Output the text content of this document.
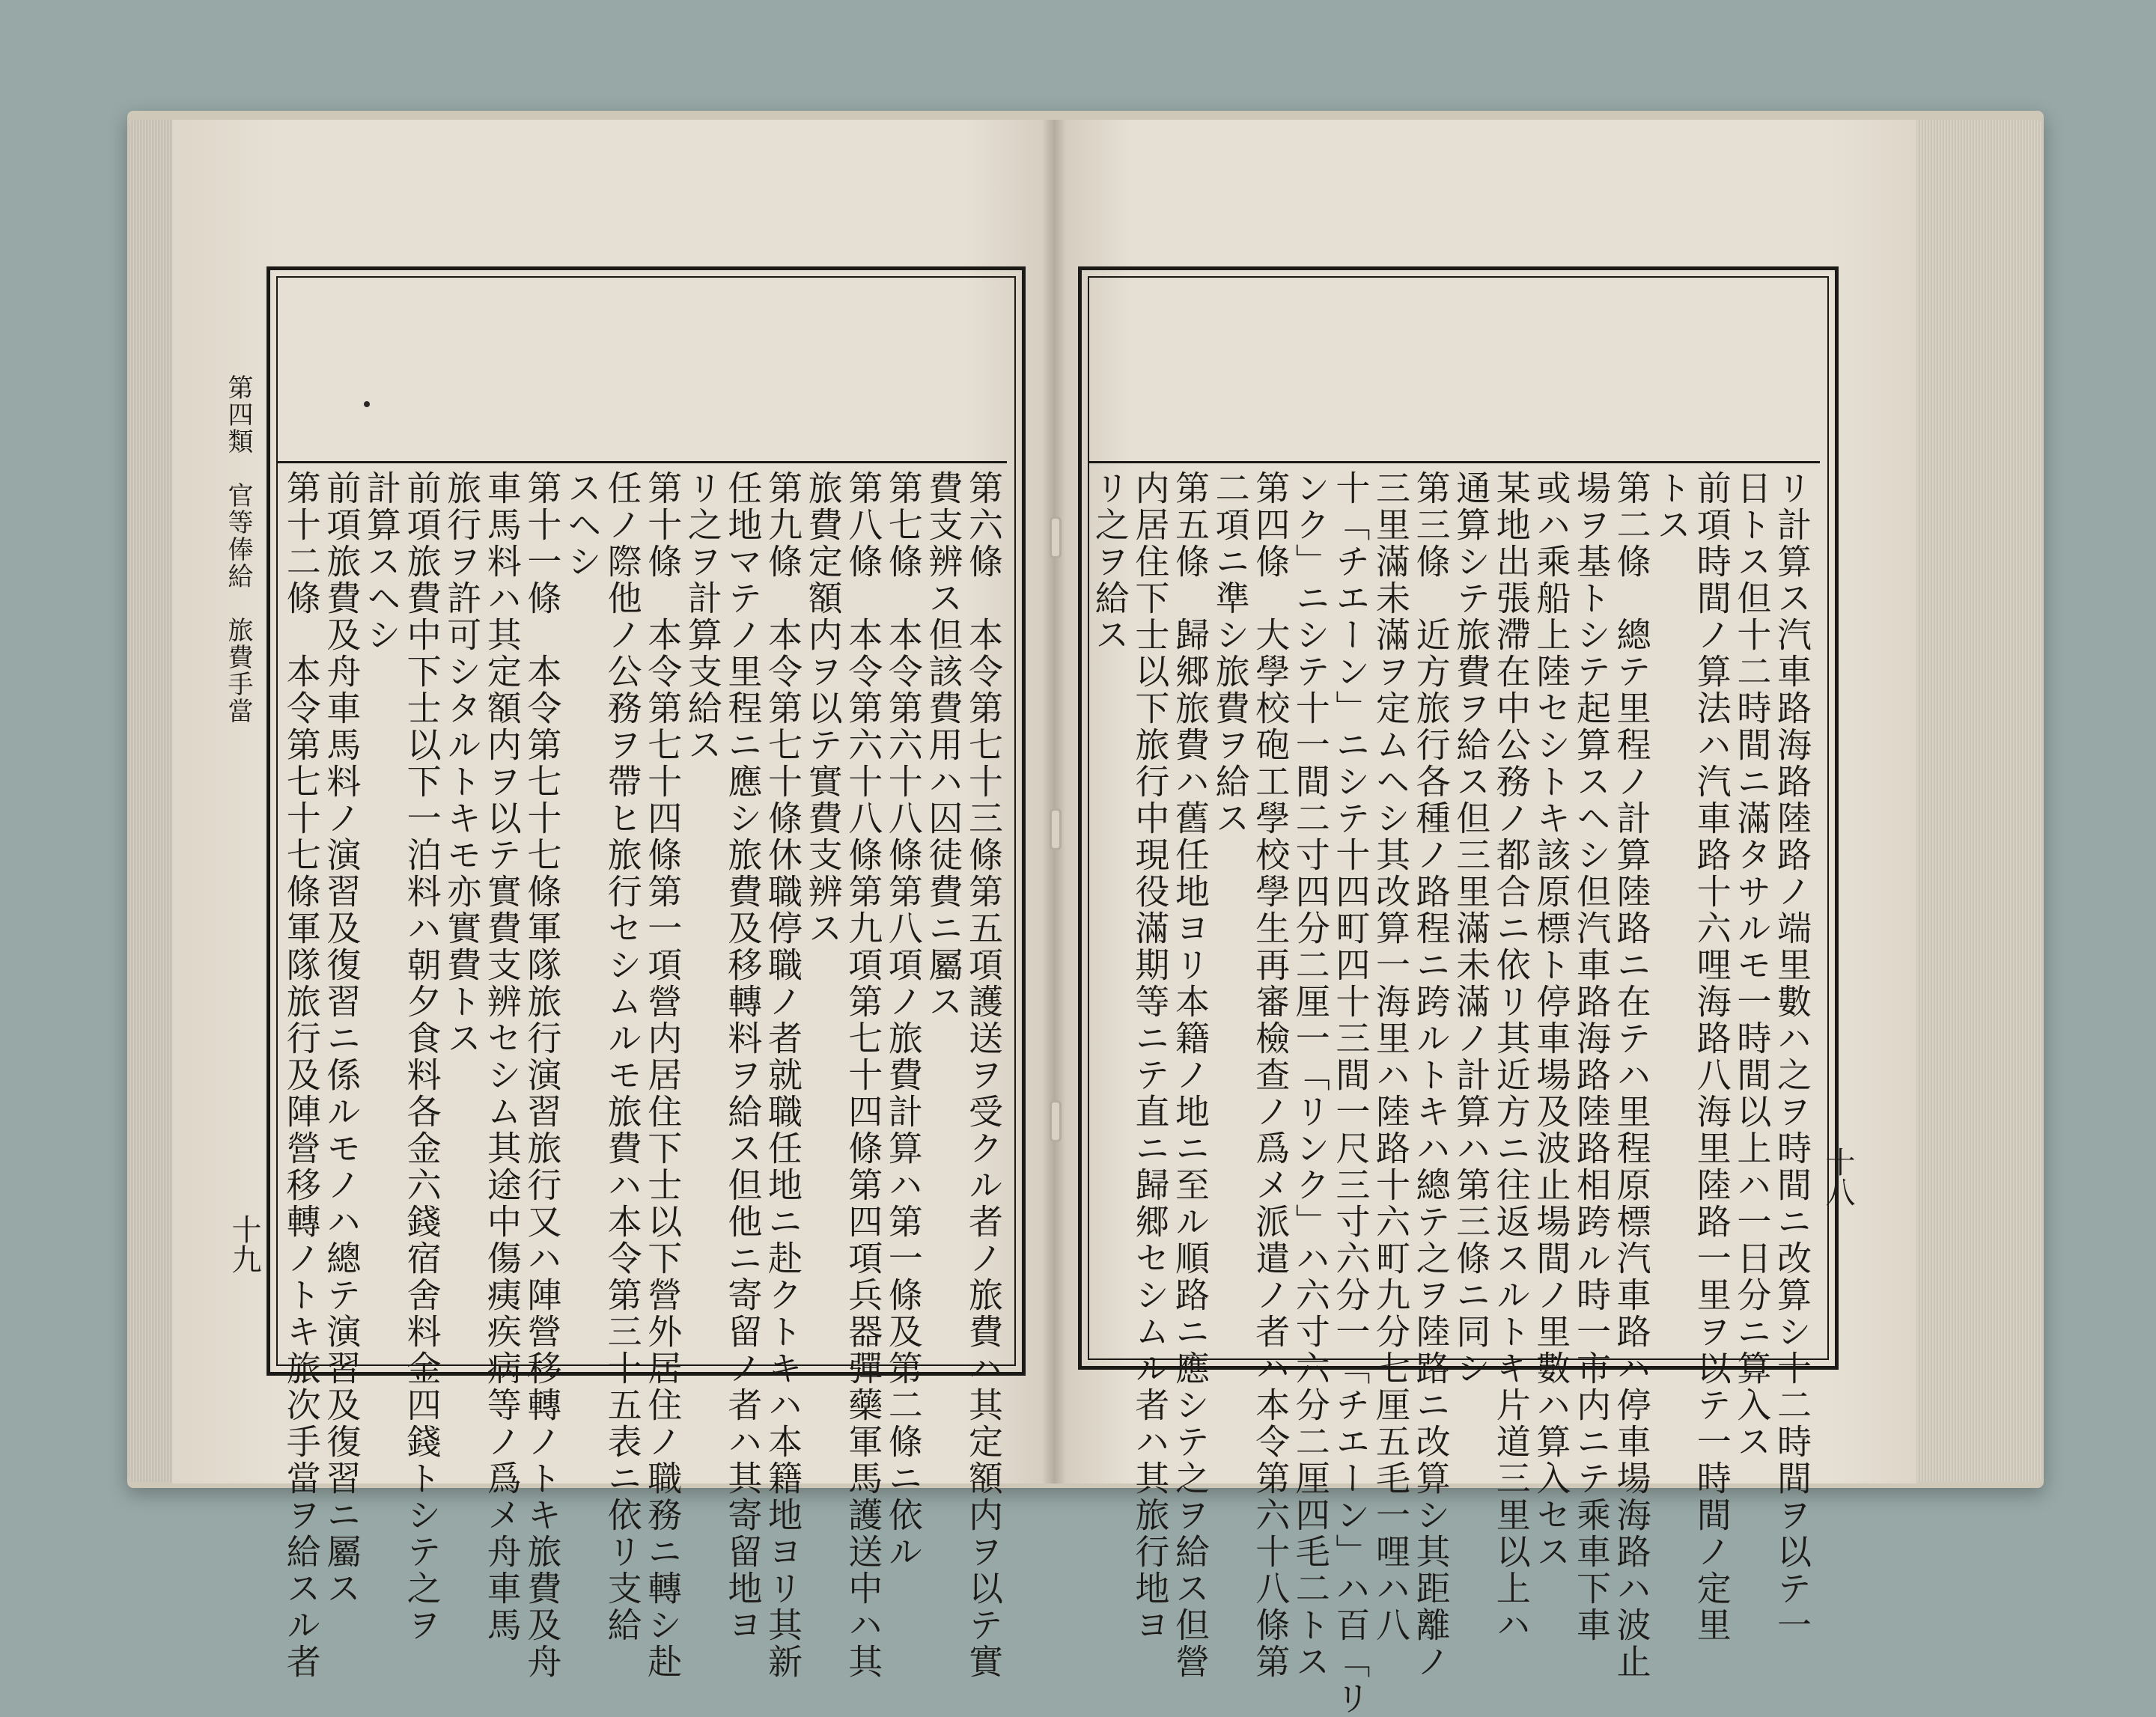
第四類　官等俸給　旅費手當
十九
十八
第六條　本令第七十三條第五項護送ヲ受クル者ノ旅費ハ其定額内ヲ以テ實
費支辨ス但該費用ハ囚徒費ニ屬ス
第七條　本令第六十八條第八項ノ旅費計算ハ第一條及第二條ニ依ル
第八條　本令第六十八條第九項第七十四條第四項兵器彈藥軍馬護送中ハ其
旅費定額内ヲ以テ實費支辨ス
第九條　本令第七十條休職停職ノ者就職任地ニ赴クトキハ本籍地ヨリ其新
任地マテノ里程ニ應シ旅費及移轉料ヲ給ス但他ニ寄留ノ者ハ其寄留地ヨ
リ之ヲ計算支給ス
第十條　本令第七十四條第一項營内居住下士以下營外居住ノ職務ニ轉シ赴
任ノ際他ノ公務ヲ帶ヒ旅行セシムルモ旅費ハ本令第三十五表ニ依リ支給
スヘシ
第十一條　本令第七十七條軍隊旅行演習旅行又ハ陣營移轉ノトキ旅費及舟
車馬料ハ其定額内ヲ以テ實費支辨セシム其途中傷痍疾病等ノ爲メ舟車馬
旅行ヲ許可シタルトキモ亦實費トス
前項旅費中下士以下一泊料ハ朝夕食料各金六錢宿舍料金四錢トシテ之ヲ
計算スヘシ
前項旅費及舟車馬料ノ演習及復習ニ係ルモノハ總テ演習及復習ニ屬ス
第十二條　本令第七十七條軍隊旅行及陣營移轉ノトキ旅次手當ヲ給スル者	リ計算ス汽車路海路陸路ノ端里數ハ之ヲ時間ニ改算シ十二時間ヲ以テ一
日トス但十二時間ニ滿タサルモ一時間以上ハ一日分ニ算入ス
前項時間ノ算法ハ汽車路十六哩海路八海里陸路一里ヲ以テ一時間ノ定里
トス
第二條　總テ里程ノ計算陸路ニ在テハ里程原標汽車路ハ停車場海路ハ波止
場ヲ基トシテ起算スヘシ但汽車路海路陸路相跨ル時一市内ニテ乘車下車
或ハ乘船上陸セシトキ該原標ト停車場及波止場間ノ里數ハ算入セス
某地出張滯在中公務ノ都合ニ依リ其近方ニ往返スルトキ片道三里以上ハ
通算シテ旅費ヲ給ス但三里滿未滿ノ計算ハ第三條ニ同シ
第三條　近方旅行各種ノ路程ニ跨ルトキハ總テ之ヲ陸路ニ改算シ其距離ノ
三里滿未滿ヲ定ムヘシ其改算一海里ハ陸路十六町九分七厘五毛一哩ハ八
十「チエーン」ニシテ十四町四十三間一尺三寸六分一「チエーン」ハ百「リ
ンク」ニシテ十一間二寸四分二厘一「リンク」ハ六寸六分二厘四毛二トス
第四條　大學校砲工學校學生再審檢查ノ爲メ派遣ノ者ハ本令第六十八條第
二項ニ準シ旅費ヲ給ス
第五條　歸郷旅費ハ舊任地ヨリ本籍ノ地ニ至ル順路ニ應シテ之ヲ給ス但營
内居住下士以下旅行中現役滿期等ニテ直ニ歸郷セシムル者ハ其旅行地ヨ
リ之ヲ給ス
